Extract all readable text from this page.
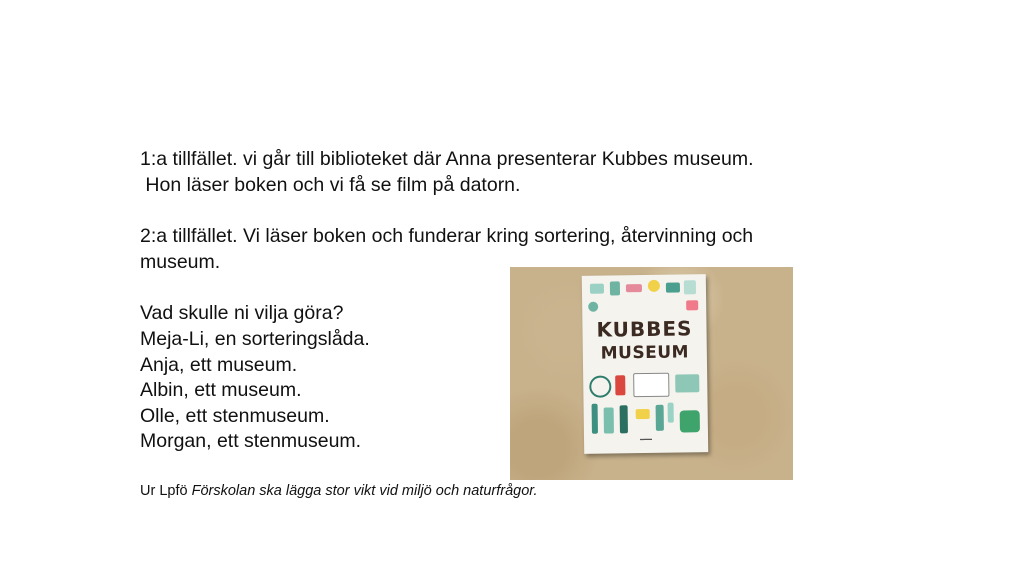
1:a tillfället. vi går till biblioteket där Anna presenterar Kubbes museum.
Hon läser boken och vi få se film på datorn.

2:a tillfället. Vi läser boken och funderar kring sortering, återvinning och
museum.

Vad skulle ni vilja göra?
Meja-Li, en sorteringslåda.
Anja, ett museum.
Albin, ett museum.
Olle, ett stenmuseum.
Morgan, ett stenmuseum.

KUBBES
MUSEUM
▬▬▬
Ur Lpfö Förskolan ska lägga stor vikt vid miljö och naturfrågor.
